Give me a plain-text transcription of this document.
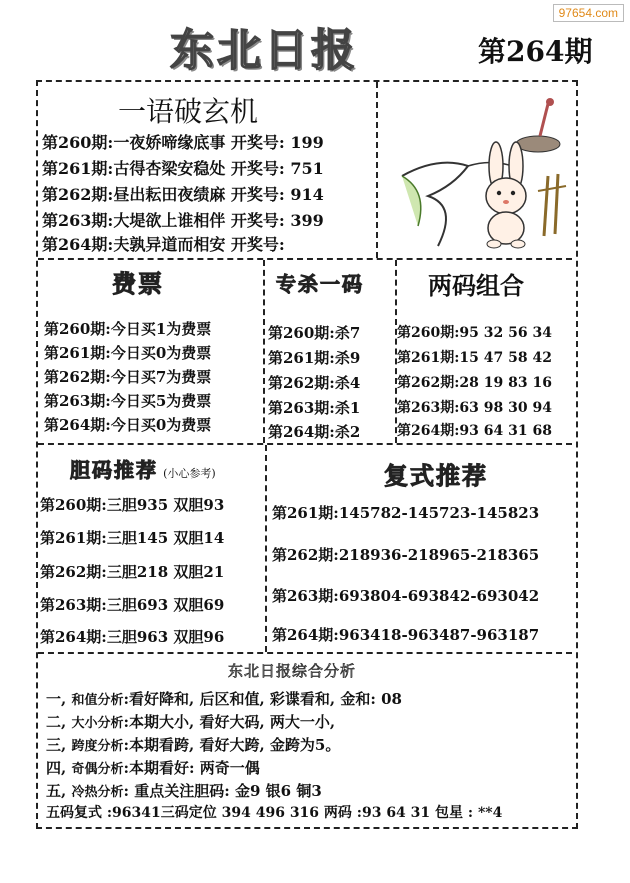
97654.com
东北日报	第264期
一语破玄机
第260期:一夜娇啼缘底事 开奖号: 199
第261期:古得杏梁安稳处 开奖号: 751
第262期:昼出耘田夜绩麻 开奖号: 914
第263期:大堤欲上谁相伴 开奖号: 399
第264期:夫孰异道而相安 开奖号:
费票
第260期:今日买1为费票
第261期:今日买0为费票
第262期:今日买7为费票
第263期:今日买5为费票
第264期:今日买0为费票
专杀一码
第260期:杀7
第261期:杀9
第262期:杀4
第263期:杀1
第264期:杀2
两码组合
第260期:95 32 56 34
第261期:15 47 58 42
第262期:28 19 83 16
第263期:63 98 30 94
第264期:93 64 31 68
胆码推荐 (小心参考)
第260期:三胆935 双胆93
第261期:三胆145 双胆14
第262期:三胆218 双胆21
第263期:三胆693 双胆69
第264期:三胆963 双胆96
复式推荐
第261期:145782-145723-145823
第262期:218936-218965-218365
第263期:693804-693842-693042
第264期:963418-963487-963187
东北日报综合分析
一, 和值分析:看好降和, 后区和值, 彩谍看和, 金和: 08
二, 大小分析:本期大小, 看好大码, 两大一小,
三, 跨度分析:本期看跨, 看好大跨, 金跨为5。
四, 奇偶分析:本期看好: 两奇一偶
五, 冷热分析: 重点关注胆码: 金9 银6 铜3
五码复式 :96341三码定位 394 496 316 两码 :93 64 31 包星 : **4
